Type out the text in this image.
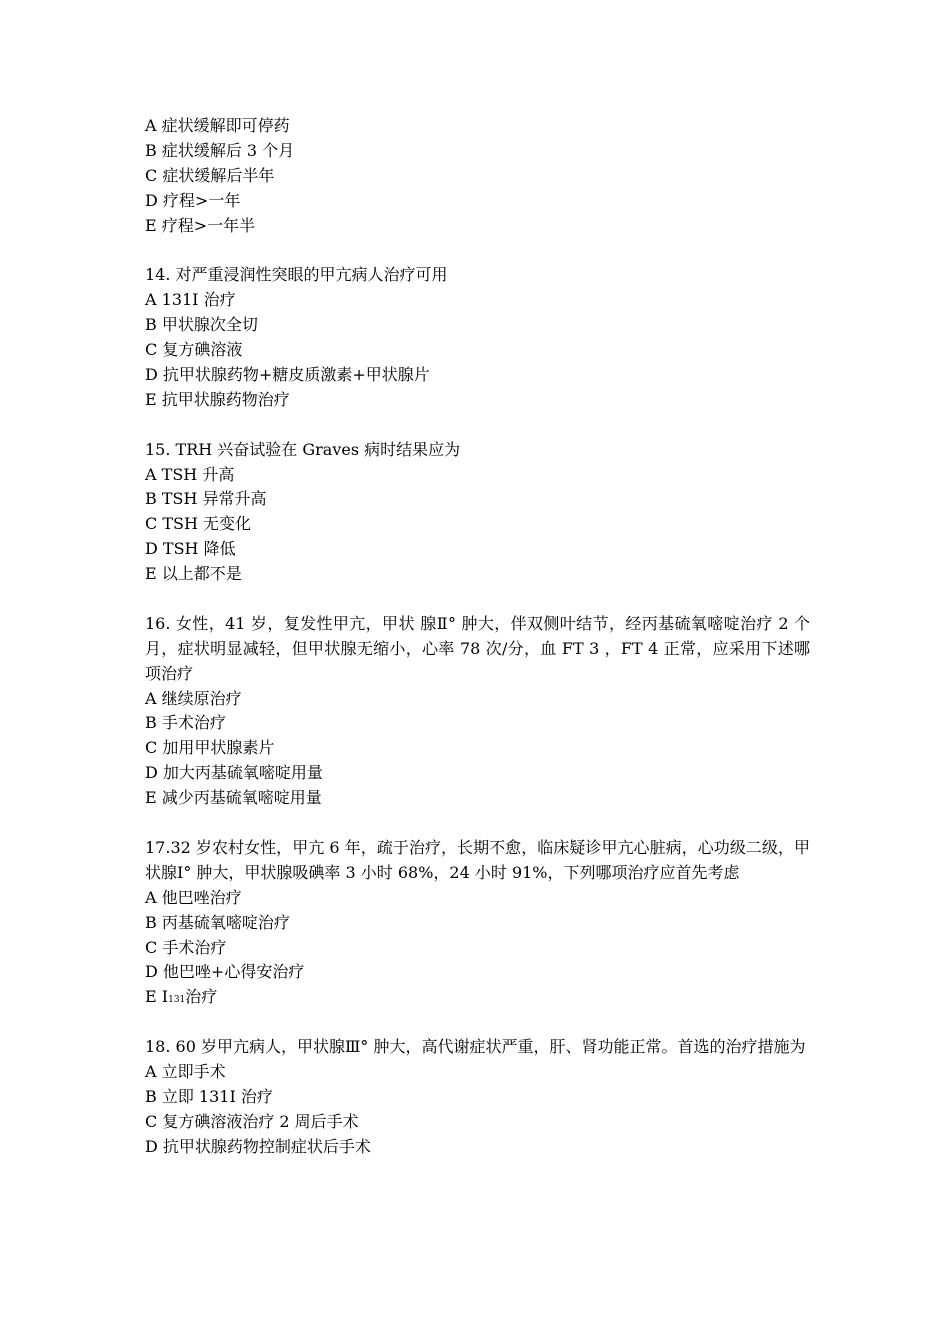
A 症状缓解即可停药

B 症状缓解后 3 个月

C 症状缓解后半年

D 疗程>一年

E 疗程>一年半

14. 对严重浸润性突眼的甲亢病人治疗可用

A 131I 治疗

B 甲状腺次全切

C 复方碘溶液

D 抗甲状腺药物+糖皮质激素+甲状腺片

E 抗甲状腺药物治疗

15. TRH 兴奋试验在 Graves 病时结果应为

A TSH 升高

B TSH 异常升高

C TSH 无变化

D TSH 降低

E 以上都不是

16. 女性，41 岁，复发性甲亢，甲状 腺Ⅱ° 肿大，伴双侧叶结节，经丙基硫氧嘧啶治疗 2 个月，症状明显减轻，但甲状腺无缩小，心率 78 次/分，血 FT 3 ，FT 4 正常，应采用下述哪项治疗

A 继续原治疗

B 手术治疗

C 加用甲状腺素片

D 加大丙基硫氧嘧啶用量

E 减少丙基硫氧嘧啶用量

17.32 岁农村女性，甲亢 6 年，疏于治疗，长期不愈，临床疑诊甲亢心脏病，心功级二级，甲状腺Ⅰ° 肿大，甲状腺吸碘率 3 小时 68%，24 小时 91%，下列哪项治疗应首先考虑

A 他巴唑治疗

B 丙基硫氧嘧啶治疗

C 手术治疗

D 他巴唑+心得安治疗

E I131治疗

18. 60 岁甲亢病人，甲状腺Ⅲ° 肿大，高代谢症状严重，肝、肾功能正常。首选的治疗措施为

A 立即手术

B 立即 131I 治疗

C 复方碘溶液治疗 2 周后手术

D 抗甲状腺药物控制症状后手术
